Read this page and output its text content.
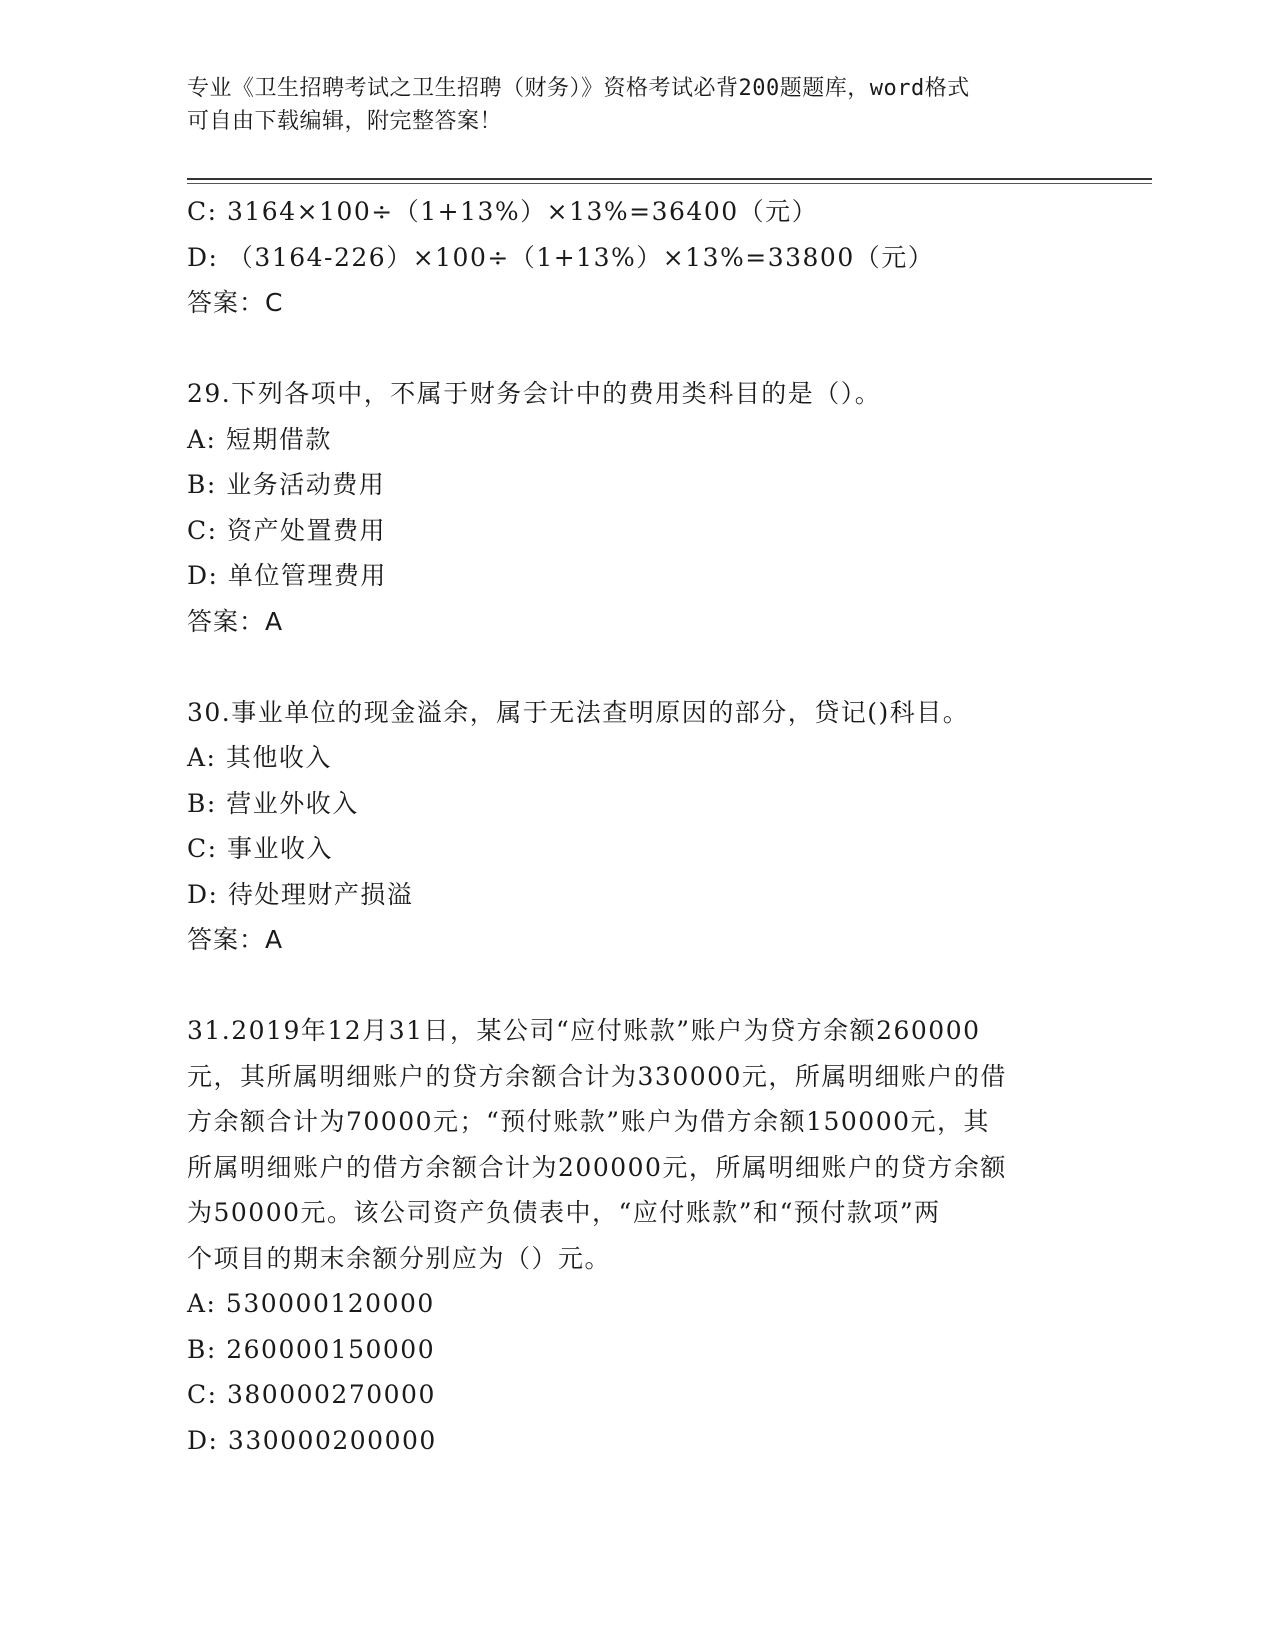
专业《卫生招聘考试之卫生招聘（财务）》资格考试必背200题题库，word格式
可自由下载编辑，附完整答案！
C: 3164×100÷（1+13%）×13%=36400（元）
D: （3164-226）×100÷（1+13%）×13%=33800（元）
答案：C
29.下列各项中，不属于财务会计中的费用类科目的是（）。
A: 短期借款
B: 业务活动费用
C: 资产处置费用
D: 单位管理费用
答案：A
30.事业单位的现金溢余，属于无法查明原因的部分，贷记()科目。
A: 其他收入
B: 营业外收入
C: 事业收入
D: 待处理财产损溢
答案：A
31.2019年12月31日，某公司“应付账款”账户为贷方余额260000
元，其所属明细账户的贷方余额合计为330000元，所属明细账户的借
方余额合计为70000元；“预付账款”账户为借方余额150000元，其
所属明细账户的借方余额合计为200000元，所属明细账户的贷方余额
为50000元。该公司资产负债表中，“应付账款”和“预付款项”两
个项目的期末余额分别应为（）元。
A: 530000120000
B: 260000150000
C: 380000270000
D: 330000200000
